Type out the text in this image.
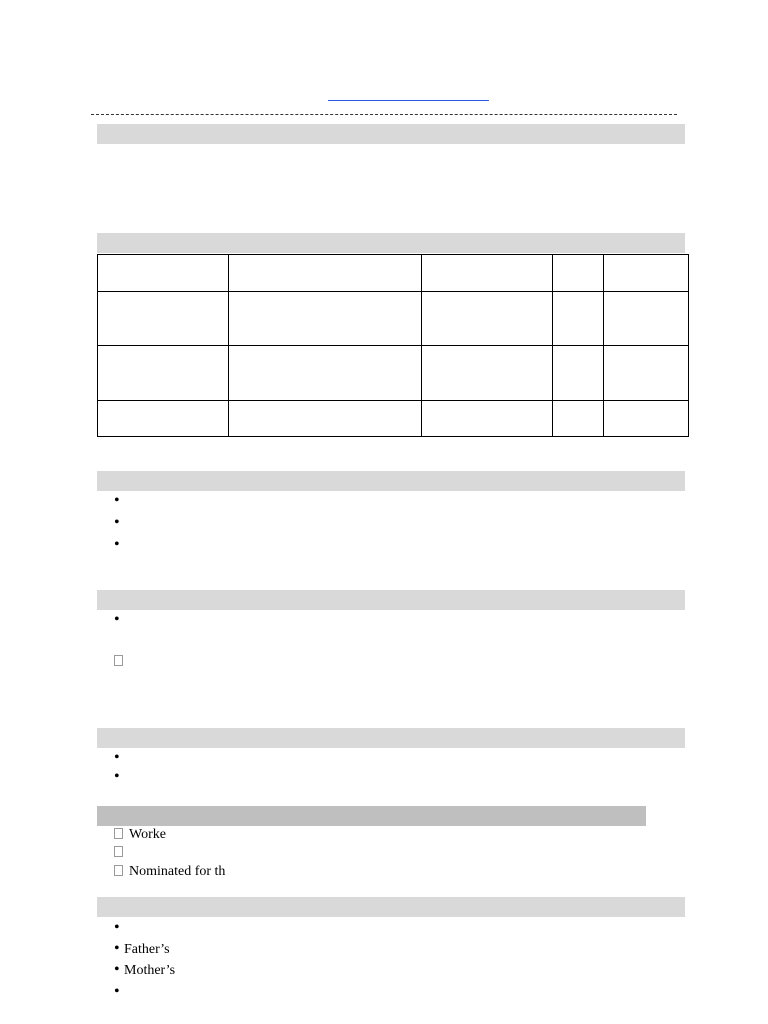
•
•
•
•
•
•
Worke
Nominated for th
•
• Father’s
• Mother’s
•
